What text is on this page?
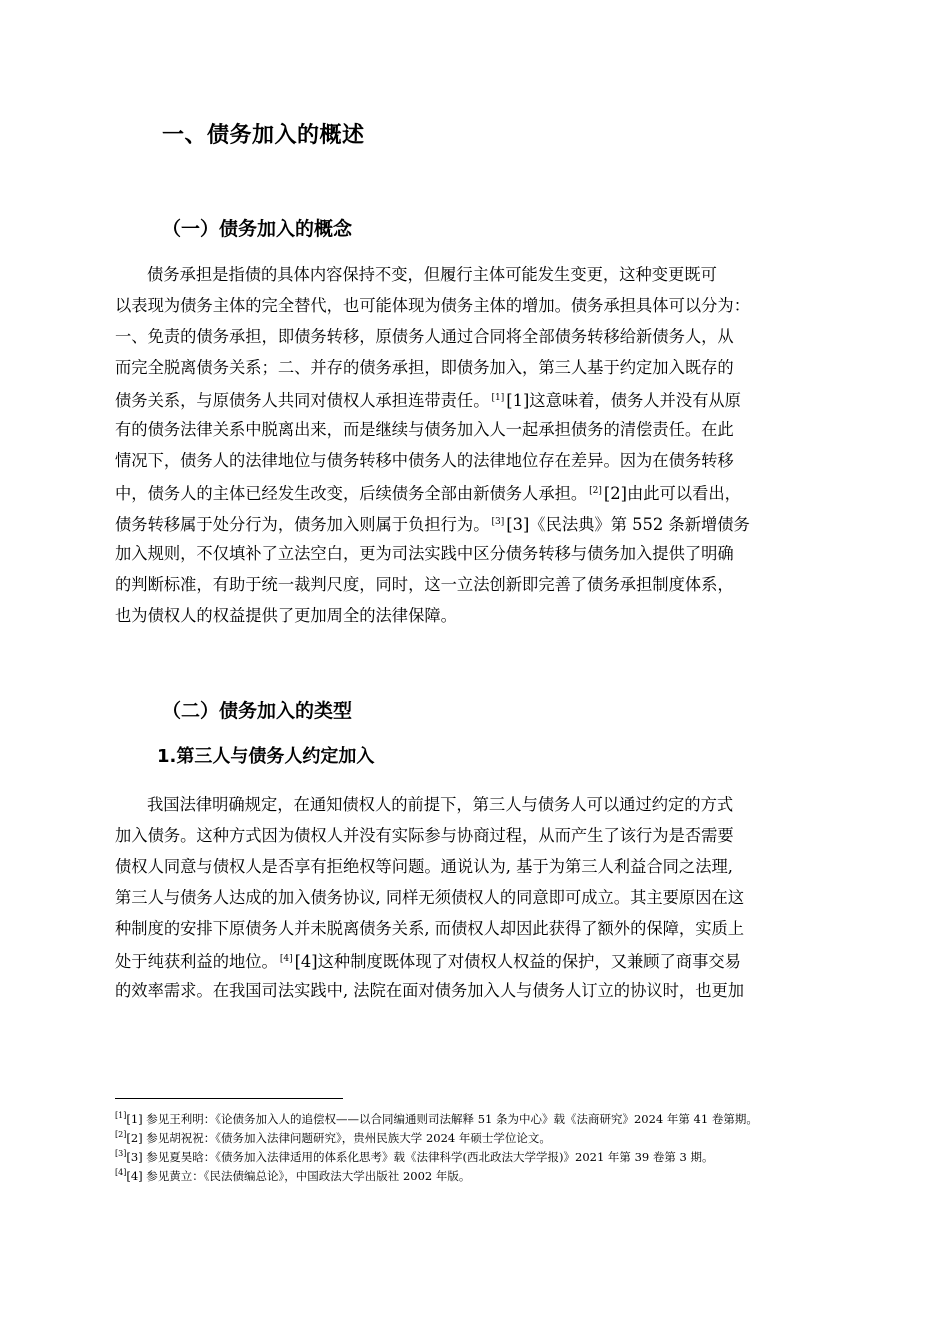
一、债务加入的概述
（一）债务加入的概念
债务承担是指债的具体内容保持不变，但履行主体可能发生变更，这种变更既可
以表现为债务主体的完全替代，也可能体现为债务主体的增加。债务承担具体可以分为：
一、免责的债务承担，即债务转移，原债务人通过合同将全部债务转移给新债务人，从
而完全脱离债务关系；二、并存的债务承担，即债务加入，第三人基于约定加入既存的
债务关系，与原债务人共同对债权人承担连带责任。 [1] [1]这意味着，债务人并没有从原
有的债务法律关系中脱离出来，而是继续与债务加入人一起承担债务的清偿责任。在此
情况下，债务人的法律地位与债务转移中债务人的法律地位存在差异。因为在债务转移
中，债务人的主体已经发生改变，后续债务全部由新债务人承担。 [2] [2]由此可以看出，
债务转移属于处分行为，债务加入则属于负担行为。 [3] [3]《民法典》第 552 条新增债务
加入规则，不仅填补了立法空白，更为司法实践中区分债务转移与债务加入提供了明确
的判断标准，有助于统一裁判尺度，同时，这一立法创新即完善了债务承担制度体系，
也为债权人的权益提供了更加周全的法律保障。
（二）债务加入的类型
1.第三人与债务人约定加入
我国法律明确规定，在通知债权人的前提下，第三人与债务人可以通过约定的方式
加入债务。这种方式因为债权人并没有实际参与协商过程，从而产生了该行为是否需要
债权人同意与债权人是否享有拒绝权等问题。通说认为, 基于为第三人利益合同之法理,
第三人与债务人达成的加入债务协议, 同样无须债权人的同意即可成立。其主要原因在这
种制度的安排下原债务人并未脱离债务关系, 而债权人却因此获得了额外的保障，实质上
处于纯获利益的地位。 [4] [4]这种制度既体现了对债权人权益的保护，又兼顾了商事交易
的效率需求。在我国司法实践中, 法院在面对债务加入人与债务人订立的协议时，也更加
[1][1] 参见王利明：《论债务加入人的追偿权——以合同编通则司法解释 51 条为中心》载《法商研究》2024 年第 41 卷第期。
[2][2] 参见胡祝祝：《债务加入法律问题研究》，贵州民族大学 2024 年硕士学位论文。
[3][3] 参见夏昊晗：《债务加入法律适用的体系化思考》载《法律科学(西北政法大学学报)》2021 年第 39 卷第 3 期。
[4][4] 参见黄立：《民法债编总论》，中国政法大学出版社 2002 年版。
